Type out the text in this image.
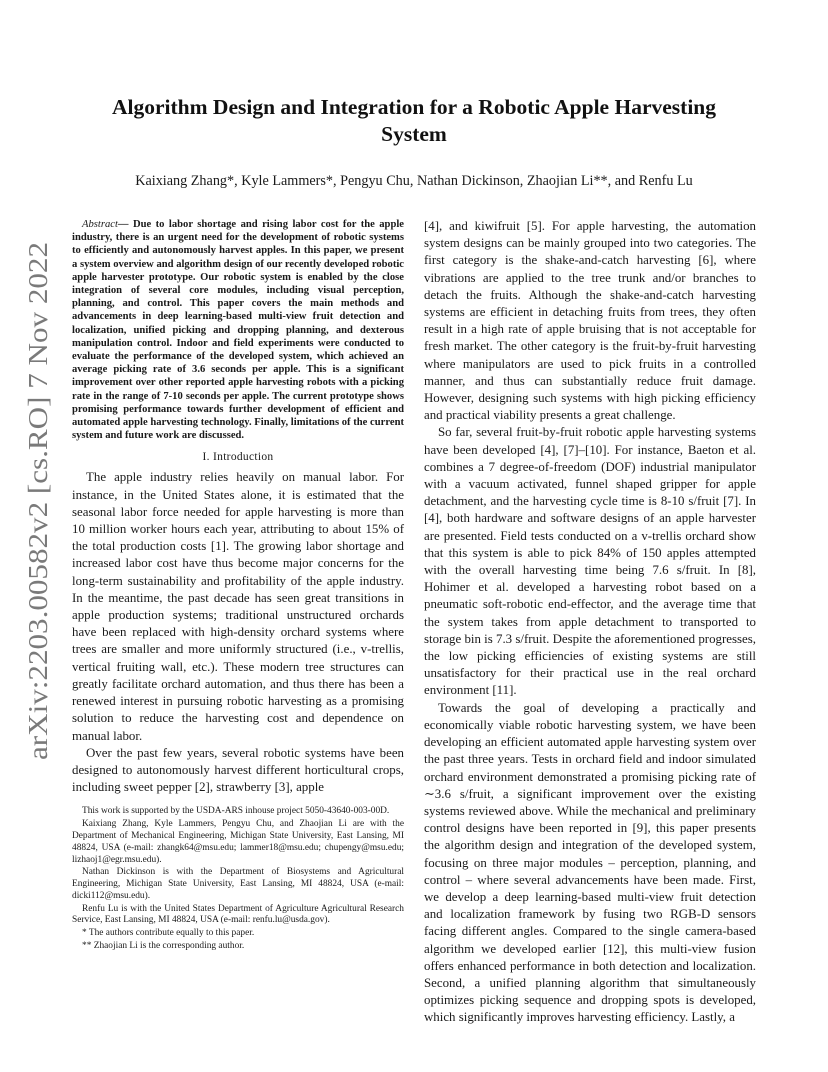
arXiv:2203.00582v2 [cs.RO] 7 Nov 2022
Algorithm Design and Integration for a Robotic Apple Harvesting System
Kaixiang Zhang*, Kyle Lammers*, Pengyu Chu, Nathan Dickinson, Zhaojian Li**, and Renfu Lu

Abstract— Due to labor shortage and rising labor cost for the apple industry, there is an urgent need for the development of robotic systems to efficiently and autonomously harvest apples. In this paper, we present a system overview and algorithm design of our recently developed robotic apple harvester prototype. Our robotic system is enabled by the close integration of several core modules, including visual perception, planning, and control. This paper covers the main methods and advancements in deep learning-based multi-view fruit detection and localization, unified picking and dropping planning, and dexterous manipulation control. Indoor and field experiments were conducted to evaluate the performance of the developed system, which achieved an average picking rate of 3.6 seconds per apple. This is a significant improvement over other reported apple harvesting robots with a picking rate in the range of 7-10 seconds per apple. The current prototype shows promising performance towards further development of efficient and automated apple harvesting technology. Finally, limitations of the current system and future work are discussed.

I. Introduction

The apple industry relies heavily on manual labor. For instance, in the United States alone, it is estimated that the seasonal labor force needed for apple harvesting is more than 10 million worker hours each year, attributing to about 15% of the total production costs [1]. The growing labor shortage and increased labor cost have thus become major concerns for the long-term sustainability and profitability of the apple industry. In the meantime, the past decade has seen great transitions in apple production systems; traditional unstructured orchards have been replaced with high-density orchard systems where trees are smaller and more uniformly structured (i.e., v-trellis, vertical fruiting wall, etc.). These modern tree structures can greatly facilitate orchard automation, and thus there has been a renewed interest in pursuing robotic harvesting as a promising solution to reduce the harvesting cost and dependence on manual labor.

Over the past few years, several robotic systems have been designed to autonomously harvest different horticultural crops, including sweet pepper [2], strawberry [3], apple

This work is supported by the USDA-ARS inhouse project 5050-43640-003-00D.

Kaixiang Zhang, Kyle Lammers, Pengyu Chu, and Zhaojian Li are with the Department of Mechanical Engineering, Michigan State University, East Lansing, MI 48824, USA (e-mail: zhangk64@msu.edu; lammer18@msu.edu; chupengy@msu.edu; lizhaoj1@egr.msu.edu).

Nathan Dickinson is with the Department of Biosystems and Agricultural Engineering, Michigan State University, East Lansing, MI 48824, USA (e-mail: dicki112@msu.edu).

Renfu Lu is with the United States Department of Agriculture Agricultural Research Service, East Lansing, MI 48824, USA (e-mail: renfu.lu@usda.gov).

* The authors contribute equally to this paper.

** Zhaojian Li is the corresponding author.

[4], and kiwifruit [5]. For apple harvesting, the automation system designs can be mainly grouped into two categories. The first category is the shake-and-catch harvesting [6], where vibrations are applied to the tree trunk and/or branches to detach the fruits. Although the shake-and-catch harvesting systems are efficient in detaching fruits from trees, they often result in a high rate of apple bruising that is not acceptable for fresh market. The other category is the fruit-by-fruit harvesting where manipulators are used to pick fruits in a controlled manner, and thus can substantially reduce fruit damage. However, designing such systems with high picking efficiency and practical viability presents a great challenge.

So far, several fruit-by-fruit robotic apple harvesting systems have been developed [4], [7]–[10]. For instance, Baeton et al. combines a 7 degree-of-freedom (DOF) industrial manipulator with a vacuum activated, funnel shaped gripper for apple detachment, and the harvesting cycle time is 8-10 s/fruit [7]. In [4], both hardware and software designs of an apple harvester are presented. Field tests conducted on a v-trellis orchard show that this system is able to pick 84% of 150 apples attempted with the overall harvesting time being 7.6 s/fruit. In [8], Hohimer et al. developed a harvesting robot based on a pneumatic soft-robotic end-effector, and the average time that the system takes from apple detachment to transported to storage bin is 7.3 s/fruit. Despite the aforementioned progresses, the low picking efficiencies of existing systems are still unsatisfactory for their practical use in the real orchard environment [11].

Towards the goal of developing a practically and economically viable robotic harvesting system, we have been developing an efficient automated apple harvesting system over the past three years. Tests in orchard field and indoor simulated orchard environment demonstrated a promising picking rate of ∼3.6 s/fruit, a significant improvement over the existing systems reviewed above. While the mechanical and preliminary control designs have been reported in [9], this paper presents the algorithm design and integration of the developed system, focusing on three major modules – perception, planning, and control – where several advancements have been made. First, we develop a deep learning-based multi-view fruit detection and localization framework by fusing two RGB-D sensors facing different angles. Compared to the single camera-based algorithm we developed earlier [12], this multi-view fusion offers enhanced performance in both detection and localization. Second, a unified planning algorithm that simultaneously optimizes picking sequence and dropping spots is developed, which significantly improves harvesting efficiency. Lastly, a
